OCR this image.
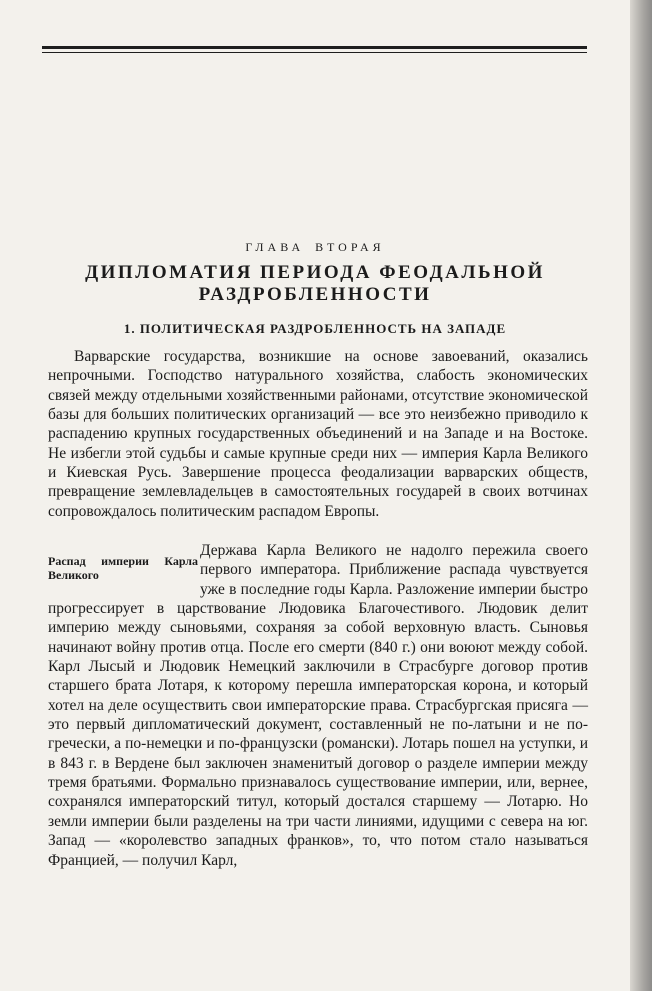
ГЛАВА ВТОРАЯ
ДИПЛОМАТИЯ ПЕРИОДА ФЕОДАЛЬНОЙ
РАЗДРОБЛЕННОСТИ
1. ПОЛИТИЧЕСКАЯ РАЗДРОБЛЕННОСТЬ НА ЗАПАДЕ

Варварские государства, возникшие на основе завоеваний, оказались непрочными. Господство натурального хозяйства, слабость экономических связей между отдельными хозяйственными районами, отсутствие экономической базы для больших политических организаций — все это неизбежно приводило к распадению крупных государственных объединений и на Западе и на Востоке. Не избегли этой судьбы и самые крупные среди них — империя Карла Великого и Киевская Русь. Завершение процесса феодализации варварских обществ, превращение землевладельцев в самостоятельных государей в своих вотчинах сопровождалось политическим распадом Европы.

Распад империи Карла Великого

Держава Карла Великого не надолго пережила своего первого императора. Приближение распада чувствуется уже в последние годы Карла. Разложение империи быстро прогрессирует в царствование Людовика Благочестивого. Людовик делит империю между сыновьями, сохраняя за собой верховную власть. Сыновья начинают войну против отца. После его смерти (840 г.) они воюют между собой. Карл Лысый и Людовик Немецкий заключили в Страсбурге договор против старшего брата Лотаря, к которому перешла императорская корона, и который хотел на деле осуществить свои императорские права. Страсбургская присяга — это первый дипломатический документ, составленный не по-латыни и не по-гречески, а по-немецки и по-французски (романски). Лотарь пошел на уступки, и в 843 г. в Вердене был заключен знаменитый договор о разделе империи между тремя братьями. Формально признавалось существование империи, или, вернее, сохранялся императорский титул, который достался старшему — Лотарю. Но земли империи были разделены на три части линиями, идущими с севера на юг. Запад — «королевство западных франков», то, что потом стало называться Францией, — получил Карл,
